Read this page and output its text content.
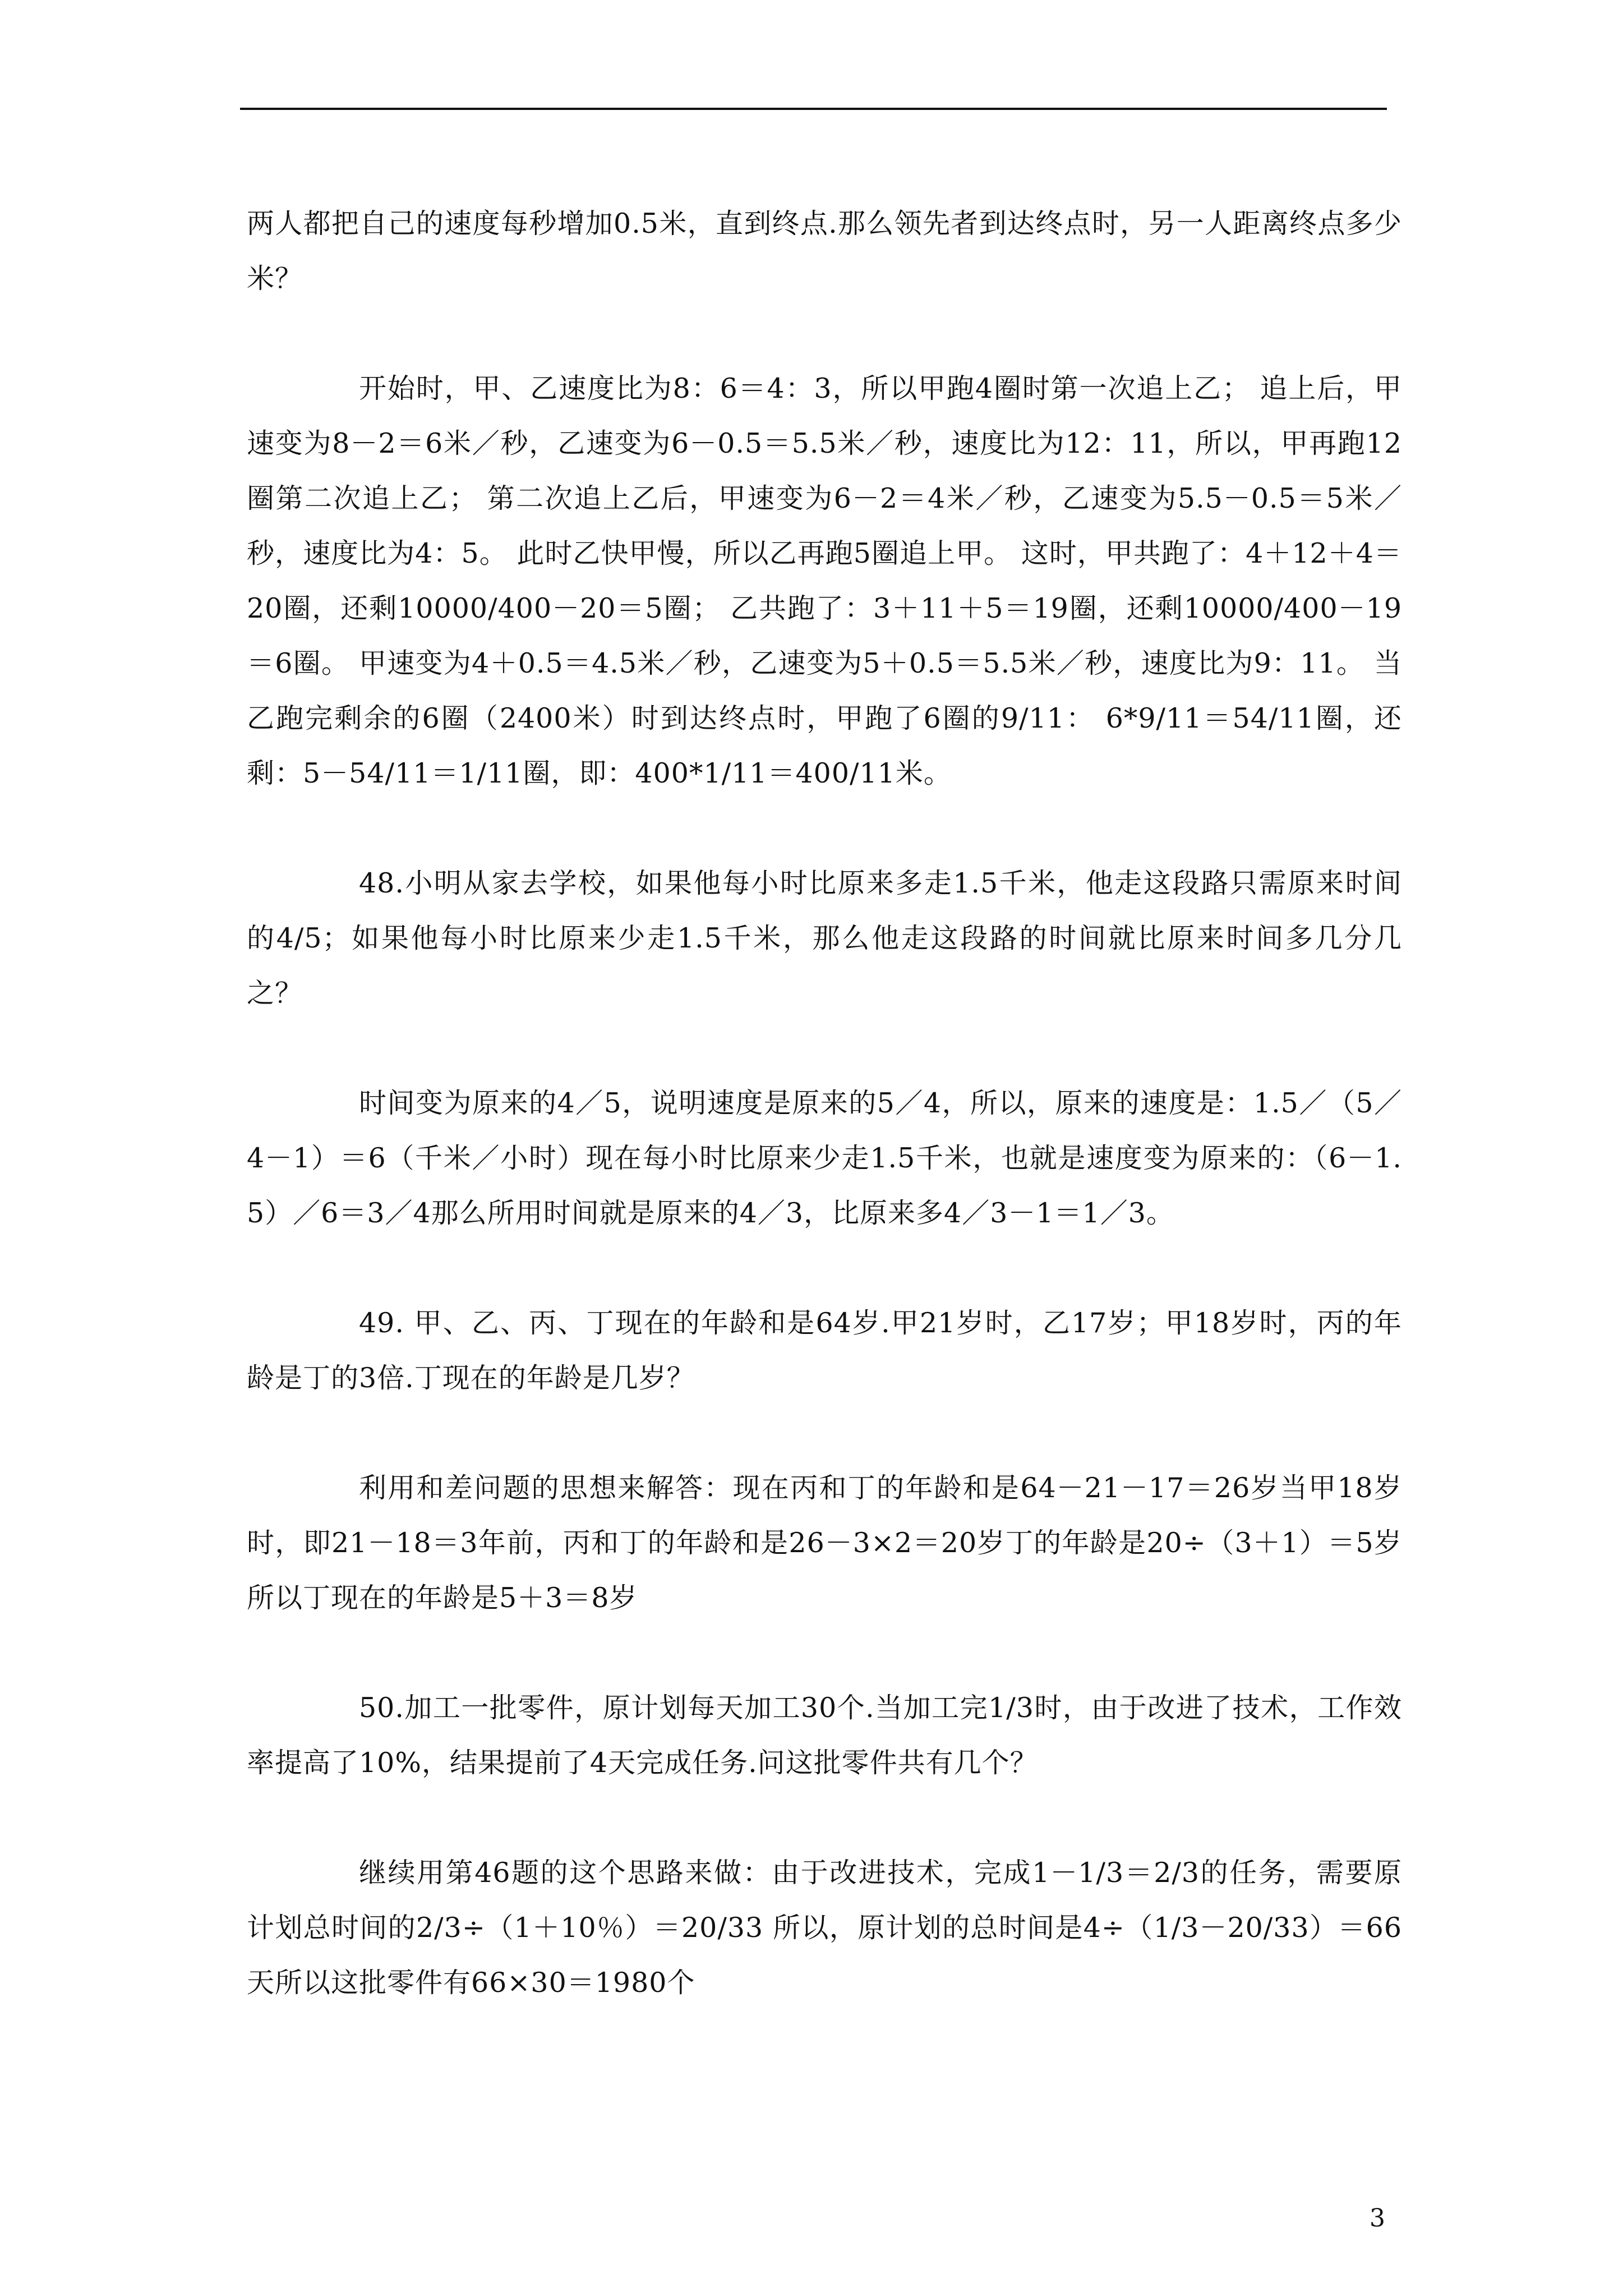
两人都把自己的速度每秒增加0.5米，直到终点.那么领先者到达终点时，另一人距离终点多少米？

开始时，甲、乙速度比为8：6＝4：3，所以甲跑4圈时第一次追上乙； 追上后，甲速变为8－2＝6米／秒，乙速变为6－0.5＝5.5米／秒，速度比为12：11，所以，甲再跑12圈第二次追上乙； 第二次追上乙后，甲速变为6－2＝4米／秒，乙速变为5.5－0.5＝5米／秒，速度比为4：5。 此时乙快甲慢，所以乙再跑5圈追上甲。 这时，甲共跑了：4＋12＋4＝20圈，还剩10000/400－20＝5圈； 乙共跑了：3＋11＋5＝19圈，还剩10000/400－19＝6圈。 甲速变为4＋0.5＝4.5米／秒，乙速变为5＋0.5＝5.5米／秒，速度比为9：11。 当乙跑完剩余的6圈（2400米）时到达终点时，甲跑了6圈的9/11： 6*9/11＝54/11圈，还剩：5－54/11＝1/11圈，即：400*1/11＝400/11米。

48.小明从家去学校，如果他每小时比原来多走1.5千米，他走这段路只需原来时间的4/5；如果他每小时比原来少走1.5千米，那么他走这段路的时间就比原来时间多几分几之？

时间变为原来的4／5，说明速度是原来的5／4，所以，原来的速度是：1.5／（5／4－1）＝6（千米／小时）现在每小时比原来少走1.5千米，也就是速度变为原来的：（6－1.5）／6＝3／4那么所用时间就是原来的4／3，比原来多4／3－1＝1／3。

49. 甲、乙、丙、丁现在的年龄和是64岁.甲21岁时，乙17岁；甲18岁时，丙的年龄是丁的3倍.丁现在的年龄是几岁？

利用和差问题的思想来解答：现在丙和丁的年龄和是64－21－17＝26岁当甲18岁时，即21－18＝3年前，丙和丁的年龄和是26－3×2＝20岁丁的年龄是20÷（3＋1）＝5岁 所以丁现在的年龄是5＋3＝8岁

50.加工一批零件，原计划每天加工30个.当加工完1/3时，由于改进了技术，工作效率提高了10%，结果提前了4天完成任务.问这批零件共有几个？

继续用第46题的这个思路来做：由于改进技术，完成1－1/3＝2/3的任务，需要原计划总时间的2/3÷（1＋10％）＝20/33 所以，原计划的总时间是4÷（1/3－20/33）＝66天所以这批零件有66×30＝1980个

3
